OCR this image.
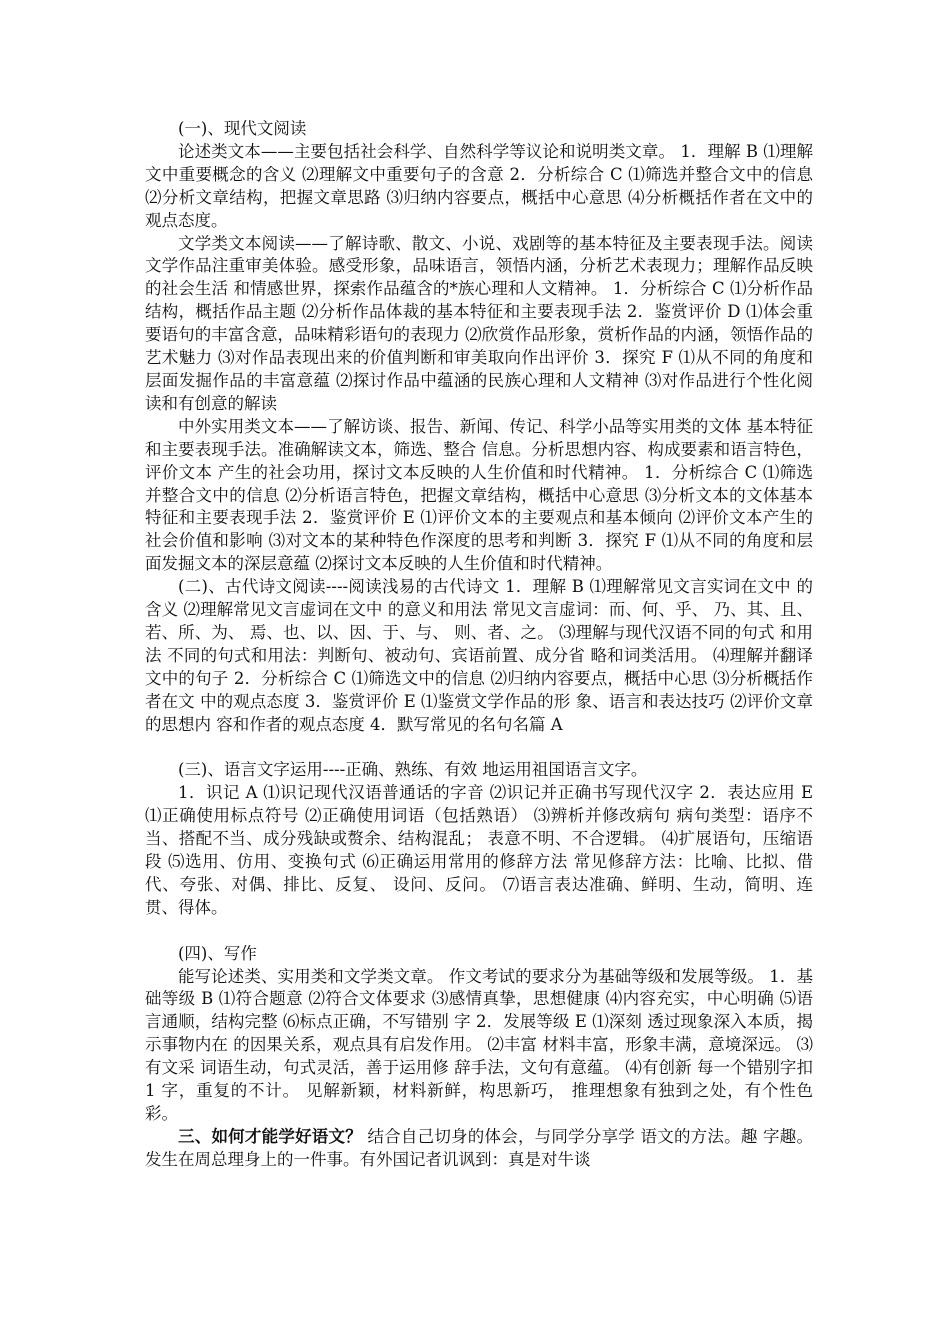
(一)、现代文阅读

论述类文本——主要包括社会科学、自然科学等议论和说明类文章。 1．理解 B ⑴理解文中重要概念的含义 ⑵理解文中重要句子的含意 2．分析综合 C ⑴筛选并整合文中的信息 ⑵分析文章结构，把握文章思路 ⑶归纳内容要点，概括中心意思 ⑷分析概括作者在文中的观点态度。

文学类文本阅读——了解诗歌、散文、小说、戏剧等的基本特征及主要表现手法。阅读文学作品注重审美体验。感受形象，品味语言，领悟内涵，分析艺术表现力；理解作品反映的社会生活 和情感世界，探索作品蕴含的*族心理和人文精神。 1．分析综合 C ⑴分析作品结构，概括作品主题 ⑵分析作品体裁的基本特征和主要表现手法 2．鉴赏评价 D ⑴体会重要语句的丰富含意，品味精彩语句的表现力 ⑵欣赏作品形象，赏析作品的内涵，领悟作品的艺术魅力 ⑶对作品表现出来的价值判断和审美取向作出评价 3．探究 F ⑴从不同的角度和层面发掘作品的丰富意蕴 ⑵探讨作品中蕴涵的民族心理和人文精神 ⑶对作品进行个性化阅读和有创意的解读

中外实用类文本——了解访谈、报告、新闻、传记、科学小品等实用类的文体 基本特征和主要表现手法。准确解读文本，筛选、整合 信息。分析思想内容、构成要素和语言特色，评价文本 产生的社会功用，探讨文本反映的人生价值和时代精神。 1．分析综合 C ⑴筛选并整合文中的信息 ⑵分析语言特色，把握文章结构，概括中心意思 ⑶分析文本的文体基本特征和主要表现手法 2．鉴赏评价 E ⑴评价文本的主要观点和基本倾向 ⑵评价文本产生的社会价值和影响 ⑶对文本的某种特色作深度的思考和判断 3．探究 F ⑴从不同的角度和层面发掘文本的深层意蕴 ⑵探讨文本反映的人生价值和时代精神。

(二)、古代诗文阅读----阅读浅易的古代诗文 1．理解 B ⑴理解常见文言实词在文中 的含义 ⑵理解常见文言虚词在文中 的意义和用法 常见文言虚词：而、何、乎、 乃、其、且、若、所、为、 焉、也、以、因、于、与、 则、者、之。 ⑶理解与现代汉语不同的句式 和用法 不同的句式和用法：判断句、被动句、宾语前置、成分省 略和词类活用。 ⑷理解并翻译文中的句子 2．分析综合 C ⑴筛选文中的信息 ⑵归纳内容要点，概括中心思 ⑶分析概括作者在文 中的观点态度 3．鉴赏评价 E ⑴鉴赏文学作品的形 象、语言和表达技巧 ⑵评价文章的思想内 容和作者的观点态度 4．默写常见的名句名篇 A

(三)、语言文字运用----正确、熟练、有效 地运用祖国语言文字。

1．识记 A ⑴识记现代汉语普通话的字音 ⑵识记并正确书写现代汉字 2．表达应用 E ⑴正确使用标点符号 ⑵正确使用词语（包括熟语） ⑶辨析并修改病句 病句类型：语序不当、搭配不当、成分残缺或赘余、结构混乱； 表意不明、不合逻辑。 ⑷扩展语句，压缩语段 ⑸选用、仿用、变换句式 ⑹正确运用常用的修辞方法 常见修辞方法：比喻、比拟、借代、夸张、对偶、排比、反复、 设问、反问。 ⑺语言表达准确、鲜明、生动，简明、连贯、得体。

(四)、写作

能写论述类、实用类和文学类文章。 作文考试的要求分为基础等级和发展等级。 1．基础等级 B ⑴符合题意 ⑵符合文体要求 ⑶感情真挚，思想健康 ⑷内容充实，中心明确 ⑸语言通顺，结构完整 ⑹标点正确，不写错别 字 2．发展等级 E ⑴深刻 透过现象深入本质，揭示事物内在 的因果关系，观点具有启发作用。 ⑵丰富 材料丰富，形象丰满，意境深远。 ⑶有文采 词语生动，句式灵活，善于运用修 辞手法，文句有意蕴。 ⑷有创新 每一个错别字扣 1 字，重复的不计。 见解新颖，材料新鲜，构思新巧， 推理想象有独到之处，有个性色彩。

三、如何才能学好语文？ 结合自己切身的体会，与同学分享学 语文的方法。趣 字趣。 发生在周总理身上的一件事。有外国记者讥讽到：真是对牛谈
